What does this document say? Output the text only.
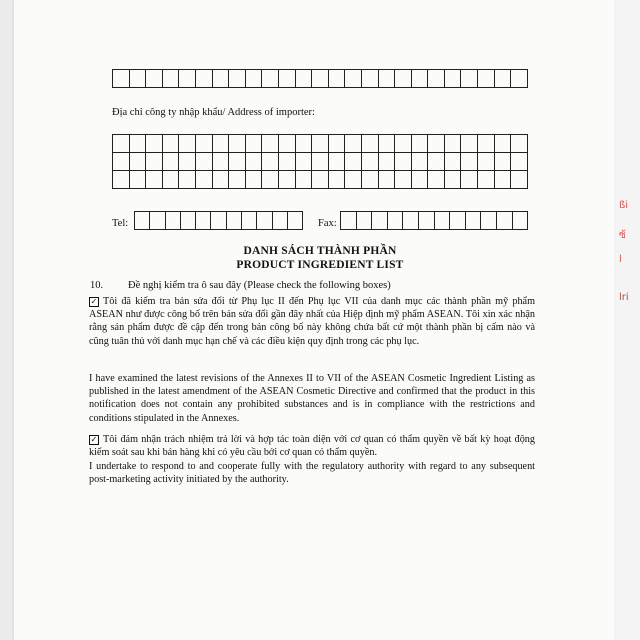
ßi
ซ้
l
lri
Địa chỉ công ty nhập khẩu/ Address of importer:
Tel:	Fax:
DANH SÁCH THÀNH PHẦN
PRODUCT INGREDIENT LIST
10. Đề nghị kiểm tra ô sau đây (Please check the following boxes)
✓ Tôi đã kiểm tra bản sửa đổi từ Phụ lục II đến Phụ lục VII của danh mục các thành phần mỹ phẩm ASEAN như được công bố trên bản sửa đổi gần đây nhất của Hiệp định mỹ phẩm ASEAN. Tôi xin xác nhận rằng sản phẩm được đề cập đến trong bản công bố này không chứa bất cứ một thành phần bị cấm nào và cũng tuân thủ với danh mục hạn chế và các điều kiện quy định trong các phụ lục.
I have examined the latest revisions of the Annexes II to VII of the ASEAN Cosmetic Ingredient Listing as published in the latest amendment of the ASEAN Cosmetic Directive and confirmed that the product in this notification does not contain any prohibited substances and is in compliance with the restrictions and conditions stipulated in the Annexes.
✓ Tôi đảm nhận trách nhiệm trả lời và hợp tác toàn diện với cơ quan có thẩm quyền về bất kỳ hoạt động kiểm soát sau khi bán hàng khi có yêu cầu bởi cơ quan có thẩm quyền.
I undertake to respond to and cooperate fully with the regulatory authority with regard to any subsequent post-marketing activity initiated by the authority.
